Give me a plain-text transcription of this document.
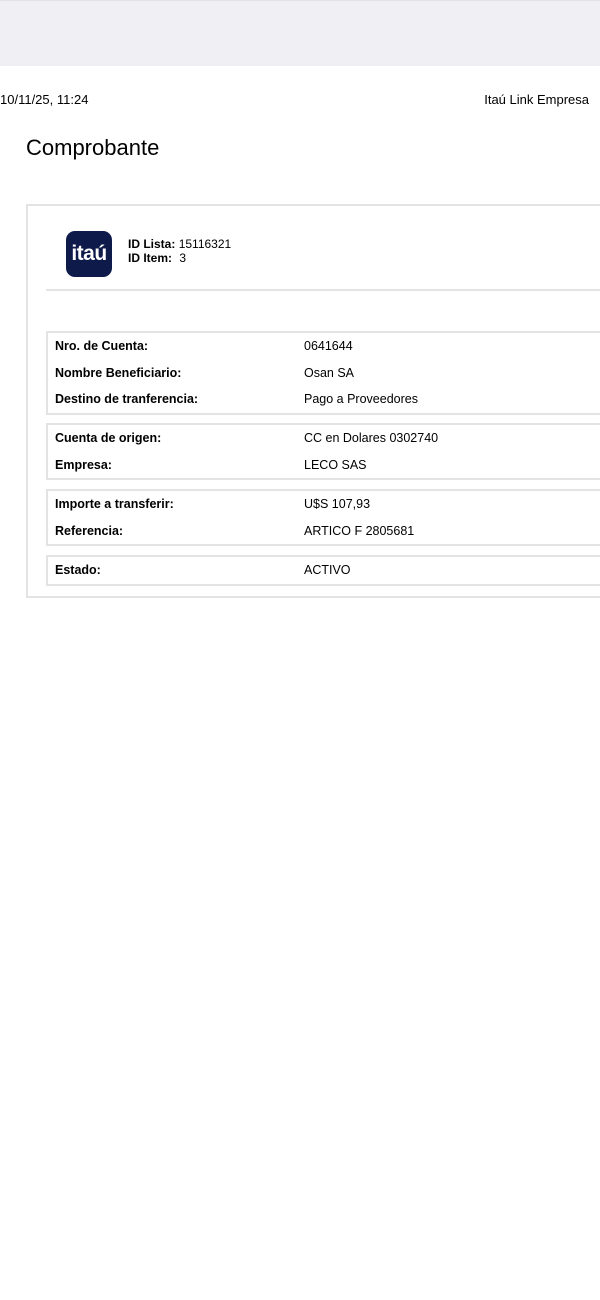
10/11/25, 11:24	Itaú Link Empresa
Comprobante
itaú ID Lista: 15116321
ID Item: 3
Nro. de Cuenta:	0641644
Nombre Beneficiario:	Osan SA
Destino de tranferencia:	Pago a Proveedores
Cuenta de origen:	CC en Dolares 0302740
Empresa:	LECO SAS
Importe a transferir:	U$S 107,93
Referencia:	ARTICO F 2805681
Estado:	ACTIVO
